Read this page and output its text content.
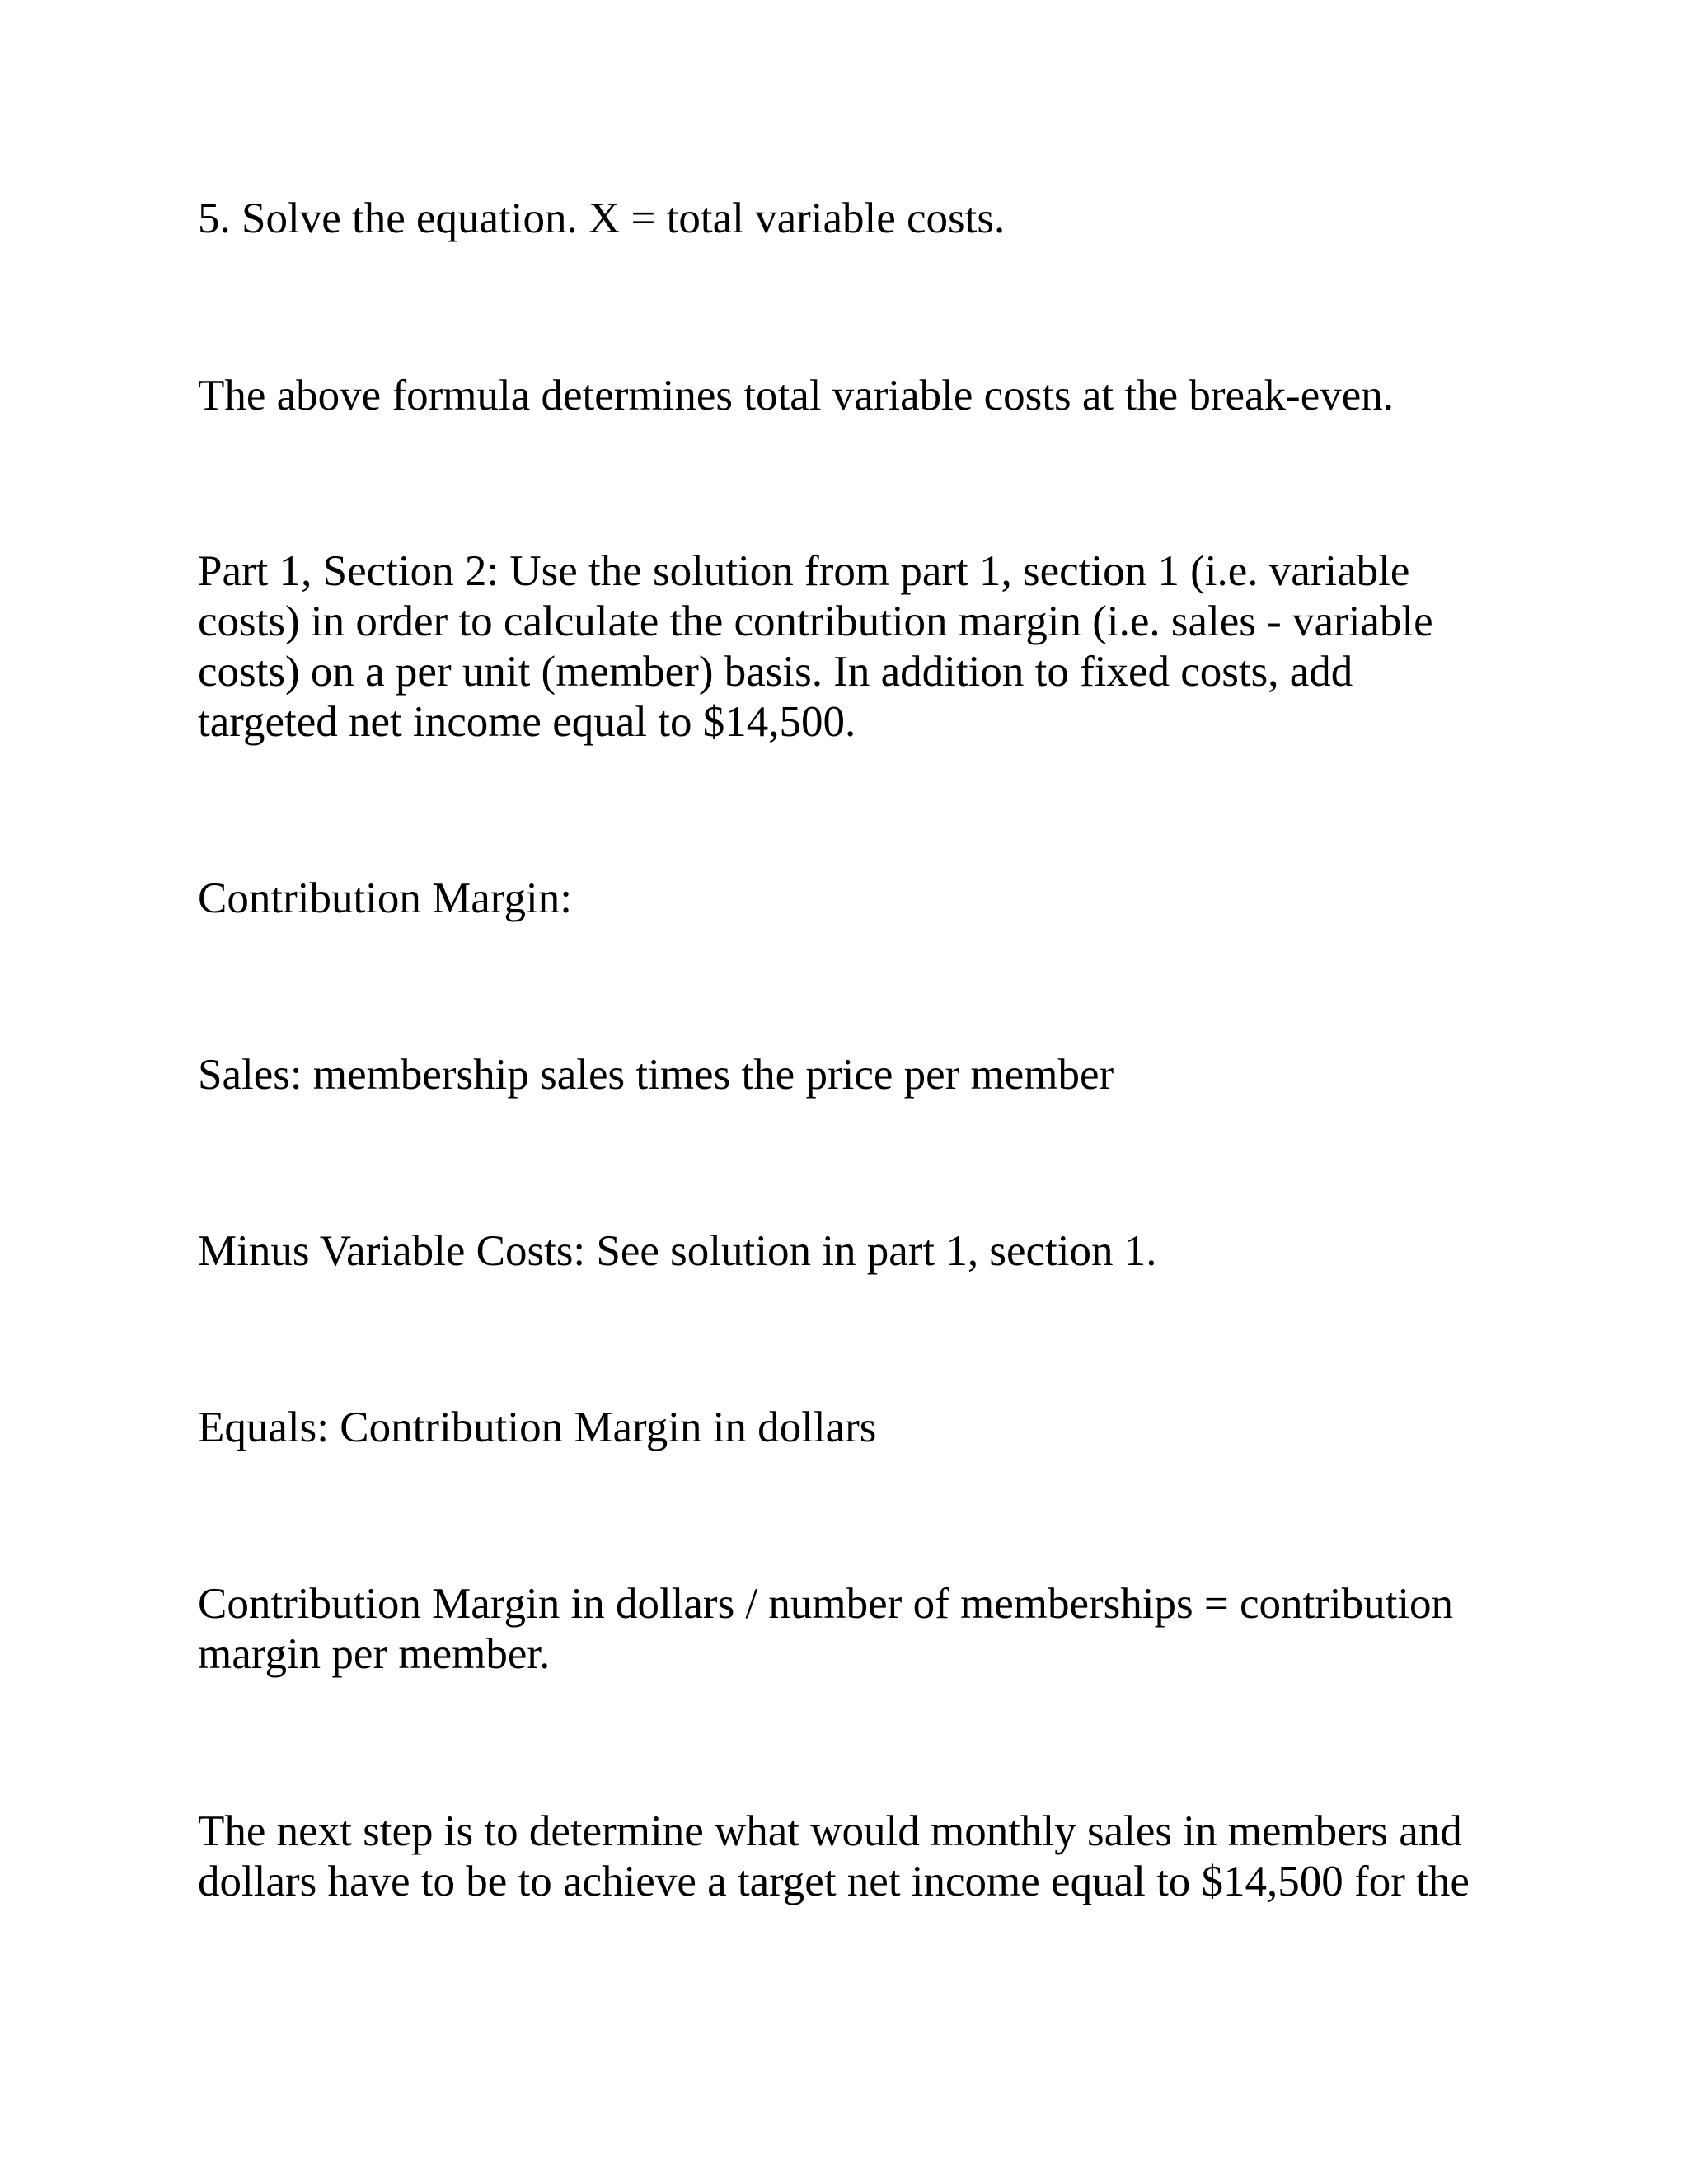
5. Solve the equation. X = total variable costs.

The above formula determines total variable costs at the break-even.

Part 1, Section 2: Use the solution from part 1, section 1 (i.e. variable
costs) in order to calculate the contribution margin (i.e. sales - variable
costs) on a per unit (member) basis. In addition to fixed costs, add
targeted net income equal to $14,500.

Contribution Margin:

Sales: membership sales times the price per member

Minus Variable Costs: See solution in part 1, section 1.

Equals: Contribution Margin in dollars

Contribution Margin in dollars / number of memberships = contribution
margin per member.

The next step is to determine what would monthly sales in members and
dollars have to be to achieve a target net income equal to $14,500 for the
